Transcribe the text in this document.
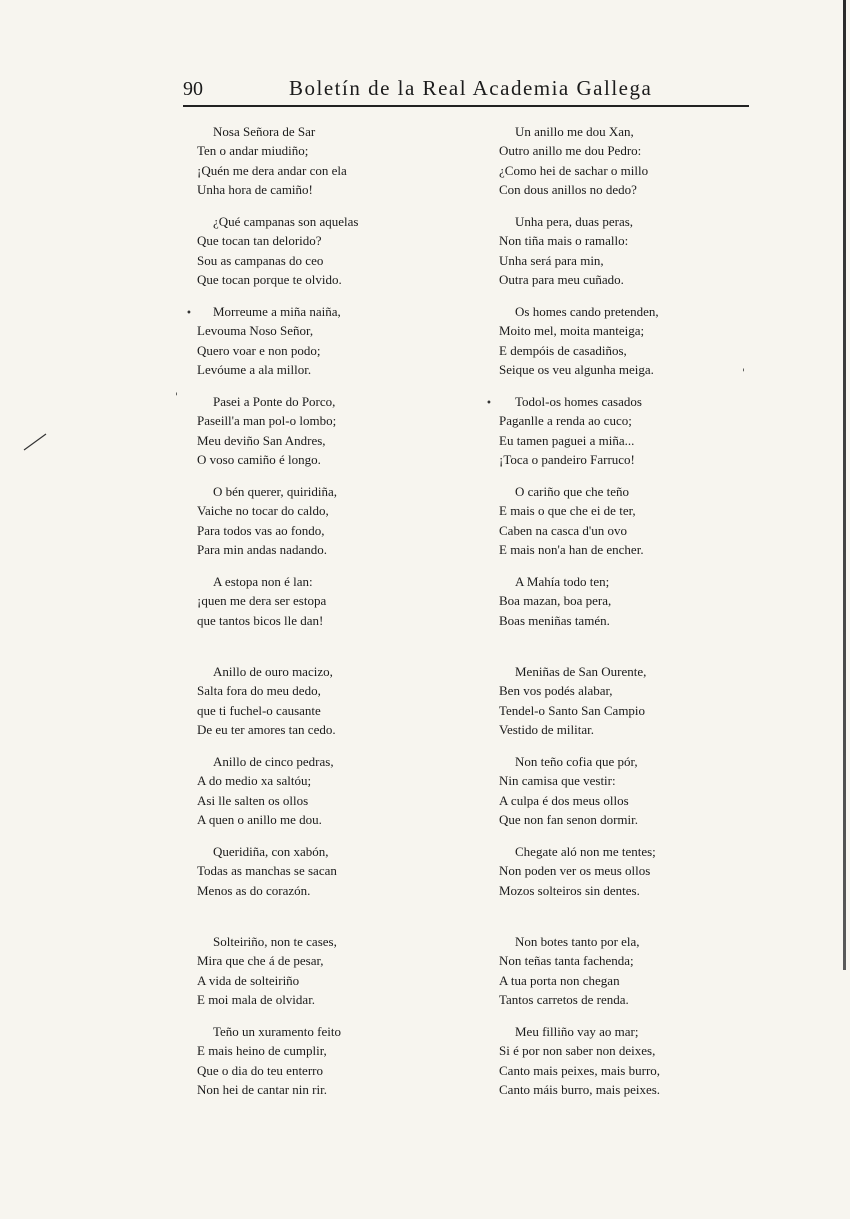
90	Boletín de la Real Academia Gallega
Nosa Señora de Sar
Ten o andar miudiño;
¡Quén me dera andar con ela
Unha hora de camiño!
¿Qué campanas son aquelas
Que tocan tan delorido?
Sou as campanas do ceo
Que tocan porque te olvido.
Morreume a miña naiña,
Levouma Noso Señor,
Quero voar e non podo;
Levóume a ala millor.
Pasei a Ponte do Porco,
Paseill'a man pol-o lombo;
Meu deviño San Andres,
O voso camiño é longo.
O bén querer, quiridiña,
Vaiche no tocar do caldo,
Para todos vas ao fondo,
Para min andas nadando.
A estopa non é lan:
¡quen me dera ser estopa
que tantos bicos lle dan!
Anillo de ouro macizo,
Salta fora do meu dedo,
que ti fuchel-o causante
De eu ter amores tan cedo.
Anillo de cinco pedras,
A do medio xa saltóu;
Asi lle salten os ollos
A quen o anillo me dou.
Queridiña, con xabón,
Todas as manchas se sacan
Menos as do corazón.
Solteiriño, non te cases,
Mira que che á de pesar,
A vida de solteiriño
E moi mala de olvidar.
Teño un xuramento feito
E mais heino de cumplir,
Que o dia do teu enterro
Non hei de cantar nin rir.
Un anillo me dou Xan,
Outro anillo me dou Pedro:
¿Como hei de sachar o millo
Con dous anillos no dedo?
Unha pera, duas peras,
Non tiña mais o ramallo:
Unha será para min,
Outra para meu cuñado.
Os homes cando pretenden,
Moito mel, moita manteiga;
E dempóis de casadiños,
Seique os veu algunha meiga.
Todol-os homes casados
Paganlle a renda ao cuco;
Eu tamen paguei a miña...
¡Toca o pandeiro Farruco!
O cariño que che teño
E mais o que che ei de ter,
Caben na casca d'un ovo
E mais non'a han de encher.
A Mahía todo ten;
Boa mazan, boa pera,
Boas meniñas tamén.
Meniñas de San Ourente,
Ben vos podés alabar,
Tendel-o Santo San Campio
Vestido de militar.
Non teño cofia que pór,
Nin camisa que vestir:
A culpa é dos meus ollos
Que non fan senon dormir.
Chegate aló non me tentes;
Non poden ver os meus ollos
Mozos solteiros sin dentes.
Non botes tanto por ela,
Non teñas tanta fachenda;
A tua porta non chegan
Tantos carretos de renda.
Meu filliño vay ao mar;
Si é por non saber non deixes,
Canto mais peixes, mais burro,
Canto máis burro, mais peixes.
•
•
'
'
